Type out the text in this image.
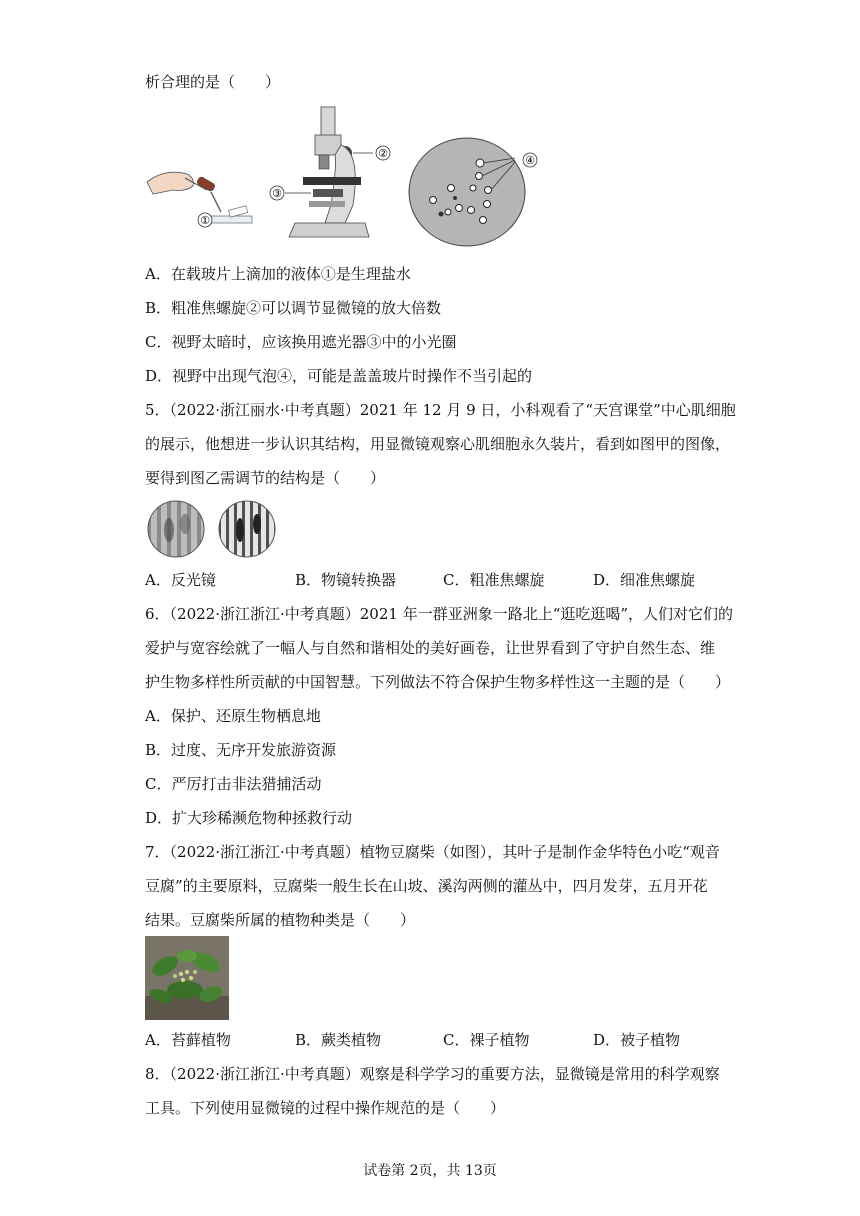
析合理的是（　　）
①
②
③
④
A．在载玻片上滴加的液体①是生理盐水
B．粗准焦螺旋②可以调节显微镜的放大倍数
C．视野太暗时，应该换用遮光器③中的小光圈
D．视野中出现气泡④，可能是盖盖玻片时操作不当引起的
5．（2022·浙江丽水·中考真题）2021 年 12 月 9 日，小科观看了“天宫课堂”中心肌细胞
的展示，他想进一步认识其结构，用显微镜观察心肌细胞永久装片，看到如图甲的图像，
要得到图乙需调节的结构是（　　）
A．反光镜	B．物镜转换器	C．粗准焦螺旋	D．细准焦螺旋
6．（2022·浙江浙江·中考真题）2021 年一群亚洲象一路北上“逛吃逛喝”，人们对它们的
爱护与宽容绘就了一幅人与自然和谐相处的美好画卷，让世界看到了守护自然生态、维
护生物多样性所贡献的中国智慧。下列做法不符合保护生物多样性这一主题的是（　　）
A．保护、还原生物栖息地
B．过度、无序开发旅游资源
C．严厉打击非法猎捕活动
D．扩大珍稀濒危物种拯救行动
7．（2022·浙江浙江·中考真题）植物豆腐柴（如图），其叶子是制作金华特色小吃“观音
豆腐”的主要原料，豆腐柴一般生长在山坡、溪沟两侧的灌丛中，四月发芽，五月开花
结果。豆腐柴所属的植物种类是（　　）
A．苔藓植物	B．蕨类植物	C．裸子植物	D．被子植物
8．（2022·浙江浙江·中考真题）观察是科学学习的重要方法，显微镜是常用的科学观察
工具。下列使用显微镜的过程中操作规范的是（　　）
试卷第 2页，共 13页
